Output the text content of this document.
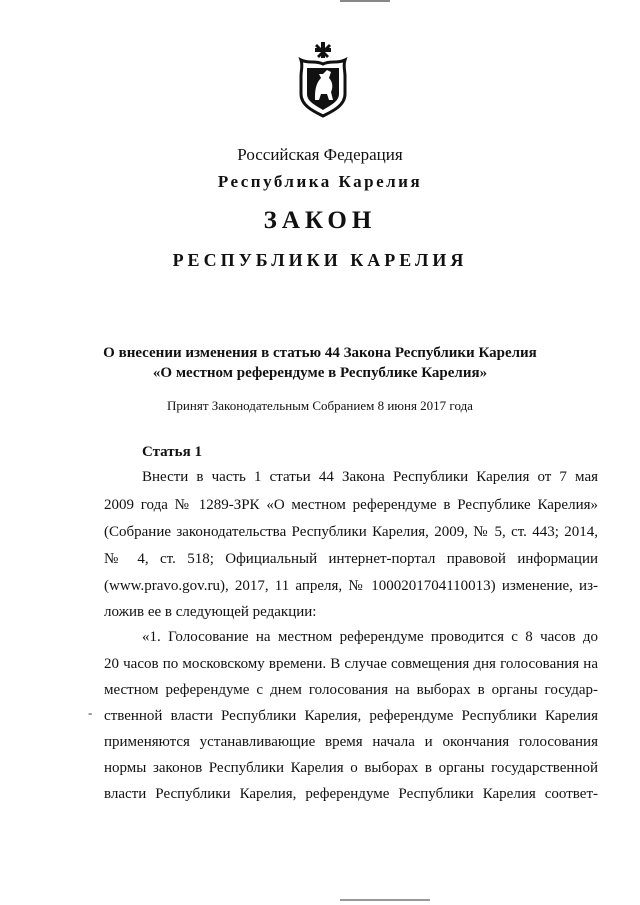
Российская Федерация
Республика Карелия
ЗАКОН
РЕСПУБЛИКИ КАРЕЛИЯ
О внесении изменения в статью 44 Закона Республики Карелия
«О местном референдуме в Республике Карелия»
Принят Законодательным Собранием 8 июня 2017 года
Статья 1
Внести в часть 1 статьи 44 Закона Республики Карелия от 7 мая
2009 года № 1289-ЗРК «О местном референдуме в Республике Карелия»
(Собрание законодательства Республики Карелия, 2009, № 5, ст. 443; 2014,
№ 4, ст. 518; Официальный интернет-портал правовой информации
(www.pravo.gov.ru), 2017, 11 апреля, № 1000201704110013) изменение, из-
ложив ее в следующей редакции:
«1. Голосование на местном референдуме проводится с 8 часов до
20 часов по московскому времени. В случае совмещения дня голосования на
местном референдуме с днем голосования на выборах в органы государ-
ственной власти Республики Карелия, референдуме Республики Карелия
применяются устанавливающие время начала и окончания голосования
нормы законов Республики Карелия о выборах в органы государственной
власти Республики Карелия, референдуме Республики Карелия соответ-
-
